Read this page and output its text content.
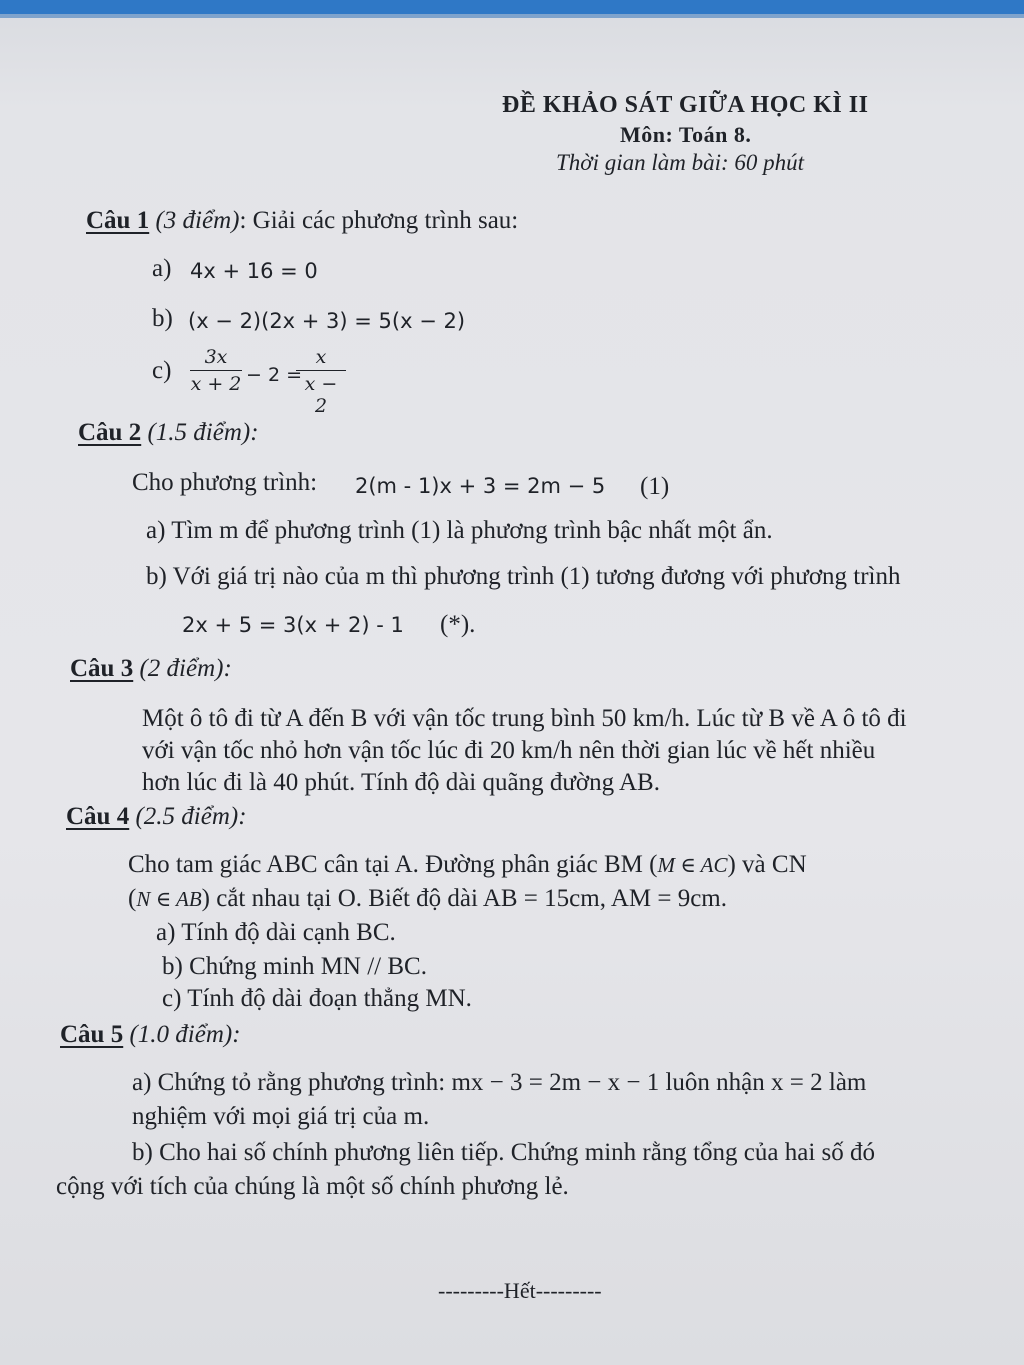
ĐỀ KHẢO SÁT GIỮA HỌC KÌ II
Môn: Toán 8.
Thời gian làm bài: 60 phút
Câu 1 (3 điểm): Giải các phương trình sau:
a) 4x + 16 = 0
b) (x − 2)(2x + 3) = 5(x − 2)
c)	3x
x + 2 − 2 =
x
x − 2
Câu 2 (1.5 điểm):
Cho phương trình: 2(m - 1)x + 3 = 2m − 5 (1)
a) Tìm m để phương trình (1) là phương trình bậc nhất một ẩn.
b) Với giá trị nào của m thì phương trình (1) tương đương với phương trình
2x + 5 = 3(x + 2) - 1 (*).
Câu 3 (2 điểm):
Một ô tô đi từ A đến B với vận tốc trung bình 50 km/h. Lúc từ B về A ô tô đi
với vận tốc nhỏ hơn vận tốc lúc đi 20 km/h nên thời gian lúc về hết nhiều
hơn lúc đi là 40 phút. Tính độ dài quãng đường AB.
Câu 4 (2.5 điểm):
Cho tam giác ABC cân tại A. Đường phân giác BM (M ∈ AC) và CN
(N ∈ AB) cắt nhau tại O. Biết độ dài AB = 15cm, AM = 9cm.
a) Tính độ dài cạnh BC.
b) Chứng minh MN // BC.
c) Tính độ dài đoạn thẳng MN.
Câu 5 (1.0 điểm):
a) Chứng tỏ rằng phương trình: mx − 3 = 2m − x − 1 luôn nhận x = 2 làm
nghiệm với mọi giá trị của m.
b) Cho hai số chính phương liên tiếp. Chứng minh rằng tổng của hai số đó
cộng với tích của chúng là một số chính phương lẻ.
---------Hết---------
